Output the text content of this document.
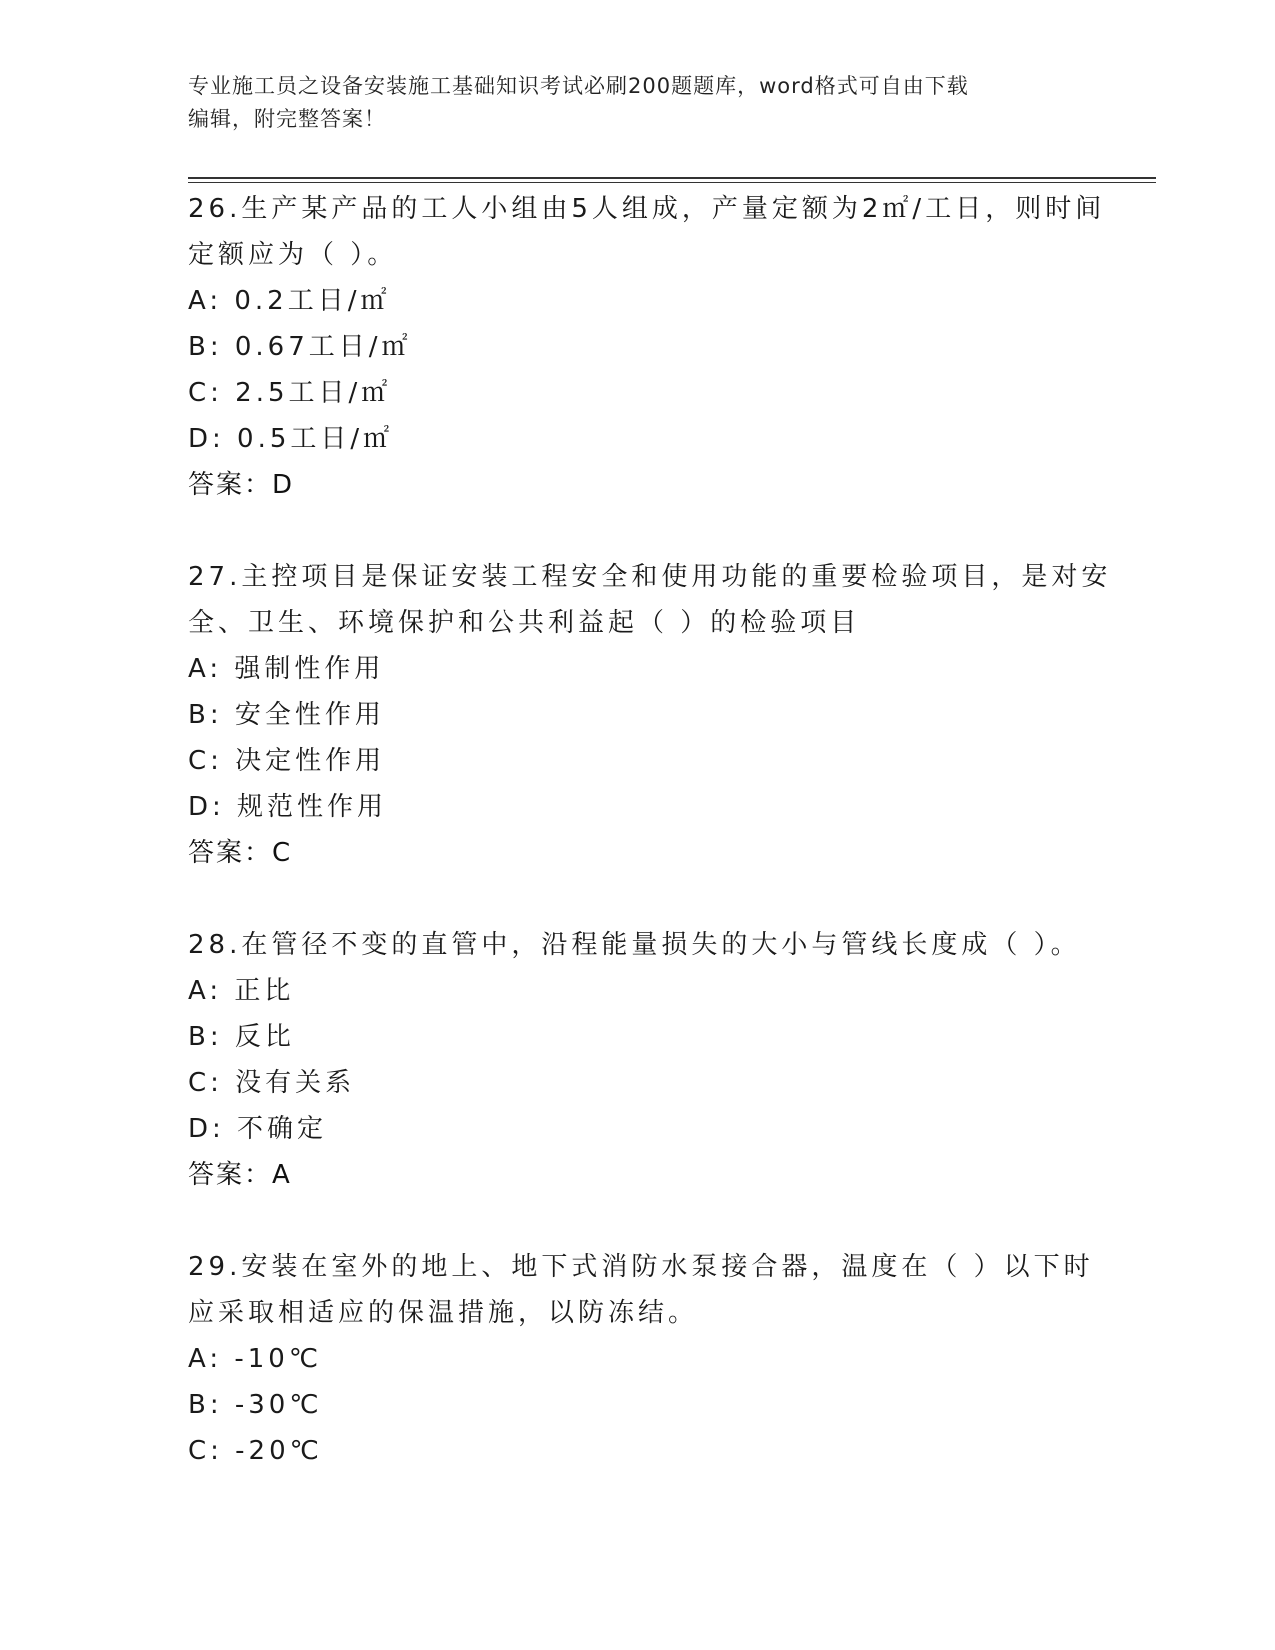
专业施工员之设备安装施工基础知识考试必刷200题题库，word格式可自由下载
编辑，附完整答案！
26.生产某产品的工人小组由5人组成，产量定额为2㎡/工日，则时间
定额应为（ ）。
A: 0.2工日/㎡
B: 0.67工日/㎡
C: 2.5工日/㎡
D: 0.5工日/㎡
答案：D
27.主控项目是保证安装工程安全和使用功能的重要检验项目，是对安
全、卫生、环境保护和公共利益起（ ）的检验项目
A: 强制性作用
B: 安全性作用
C: 决定性作用
D: 规范性作用
答案：C
28.在管径不变的直管中，沿程能量损失的大小与管线长度成（ ）。
A: 正比
B: 反比
C: 没有关系
D: 不确定
答案：A
29.安装在室外的地上、地下式消防水泵接合器，温度在（ ）以下时
应采取相适应的保温措施，以防冻结。
A: -10℃
B: -30℃
C: -20℃
